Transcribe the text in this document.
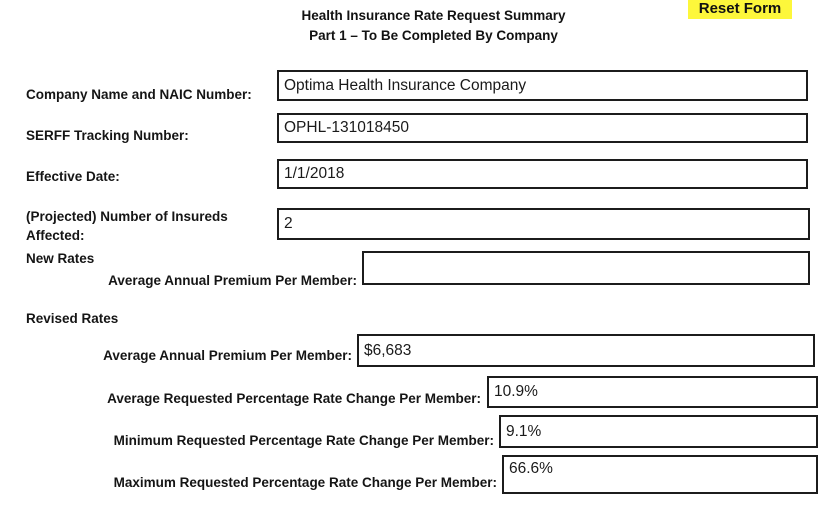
Health Insurance Rate Request Summary
Part 1 – To Be Completed By Company
Reset Form
Company Name and NAIC Number:
Optima Health Insurance Company
SERFF Tracking Number:
OPHL-131018450
Effective Date:
1/1/2018
(Projected) Number of Insureds Affected:
2
New Rates
Average Annual Premium Per Member:
Revised Rates
Average Annual Premium Per Member:
$6,683
Average Requested Percentage Rate Change Per Member:
10.9%
Minimum Requested Percentage Rate Change Per Member:
9.1%
Maximum Requested Percentage Rate Change Per Member:
66.6%
